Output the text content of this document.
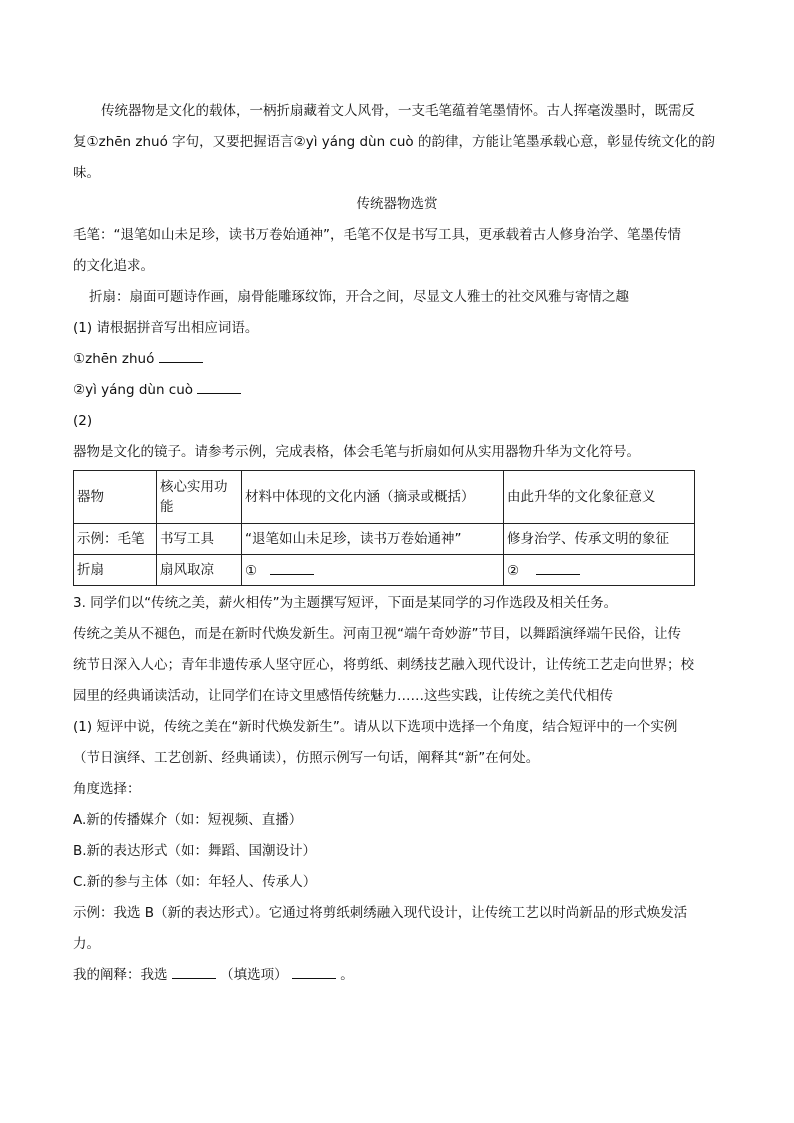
传统器物是文化的载体，一柄折扇藏着文人风骨，一支毛笔蕴着笔墨情怀。古人挥毫泼墨时，既需反

复①zhēn zhuó 字句，又要把握语言②yì yáng dùn cuò 的韵律，方能让笔墨承载心意，彰显传统文化的韵

味。

传统器物选赏

毛笔：“退笔如山未足珍，读书万卷始通神”，毛笔不仅是书写工具，更承载着古人修身治学、笔墨传情

的文化追求。

折扇：扇面可题诗作画，扇骨能雕琢纹饰，开合之间，尽显文人雅士的社交风雅与寄情之趣

(1) 请根据拼音写出相应词语。

①zhēn zhuó

②yì yáng dùn cuò

(2)

器物是文化的镜子。请参考示例，完成表格，体会毛笔与折扇如何从实用器物升华为文化符号。

器物	核心实用功能	材料中体现的文化内涵（摘录或概括）	由此升华的文化象征意义
示例：毛笔	书写工具	“退笔如山未足珍，读书万卷始通神”	修身治学、传承文明的象征
折扇	扇风取凉	①	②

3. 同学们以“传统之美，薪火相传”为主题撰写短评，下面是某同学的习作选段及相关任务。

传统之美从不褪色，而是在新时代焕发新生。河南卫视“端午奇妙游”节目，以舞蹈演绎端午民俗，让传

统节日深入人心；青年非遗传承人坚守匠心，将剪纸、刺绣技艺融入现代设计，让传统工艺走向世界；校

园里的经典诵读活动，让同学们在诗文里感悟传统魅力……这些实践，让传统之美代代相传

(1) 短评中说，传统之美在“新时代焕发新生”。请从以下选项中选择一个角度，结合短评中的一个实例

（节日演绎、工艺创新、经典诵读），仿照示例写一句话，阐释其“新”在何处。

角度选择：

A.新的传播媒介（如：短视频、直播）

B.新的表达形式（如：舞蹈、国潮设计）

C.新的参与主体（如：年轻人、传承人）

示例：我选 B（新的表达形式）。它通过将剪纸刺绣融入现代设计，让传统工艺以时尚新品的形式焕发活

力。

我的阐释：我选	（填选项）	。
